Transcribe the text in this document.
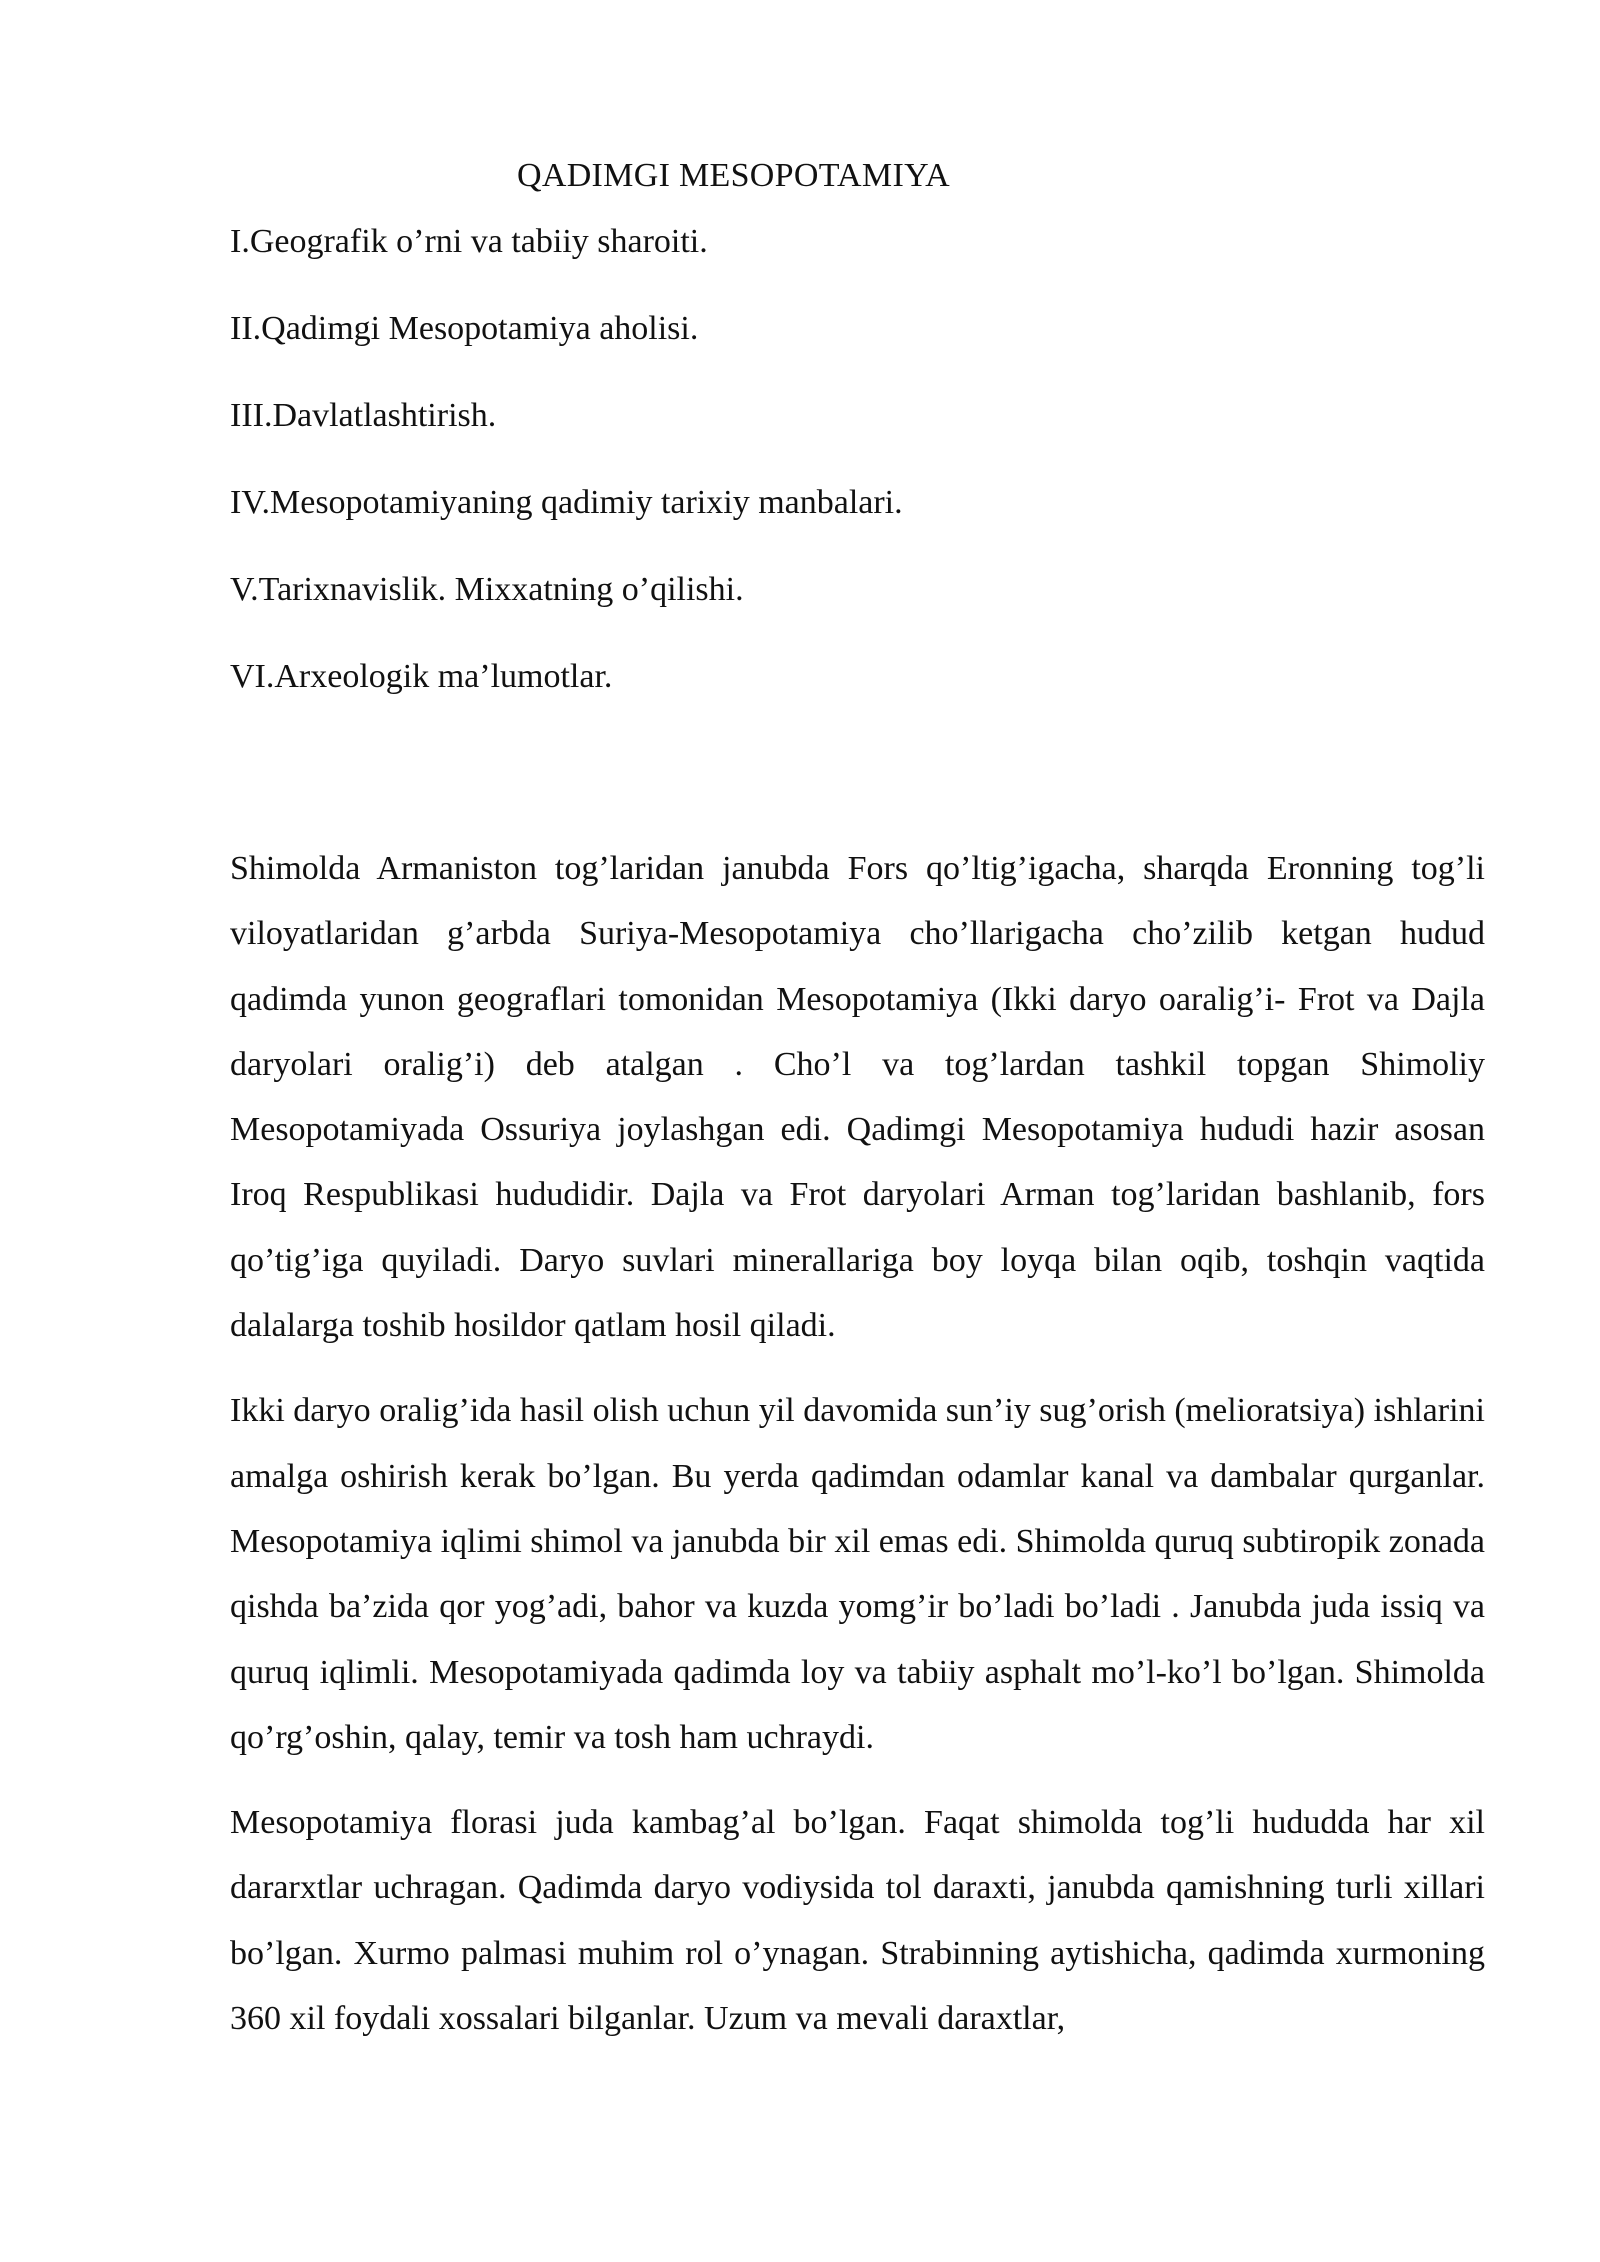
QADIMGI MESOPOTAMIYA
I.Geografik o’rni va tabiiy sharoiti.
II.Qadimgi Mesopotamiya aholisi.
III.Davlatlashtirish.
IV.Mesopotamiyaning qadimiy tarixiy manbalari.
V.Tarixnavislik. Mixxatning o’qilishi.
VI.Arxeologik ma’lumotlar.

Shimolda Armaniston tog’laridan janubda Fors qo’ltig’igacha, sharqda Eronning tog’li viloyatlaridan g’arbda Suriya-Mesopotamiya cho’llarigacha cho’zilib ketgan hudud qadimda yunon geograflari tomonidan Mesopotamiya (Ikki daryo oaralig’i- Frot va Dajla daryolari oralig’i) deb atalgan . Cho’l va tog’lardan tashkil topgan Shimoliy Mesopotamiyada Ossuriya joylashgan edi. Qadimgi Mesopotamiya hududi hazir asosan Iroq Respublikasi hududidir. Dajla va Frot daryolari Arman tog’laridan bashlanib, fors qo’tig’iga quyiladi. Daryo suvlari minerallariga boy loyqa bilan oqib, toshqin vaqtida dalalarga toshib hosildor qatlam hosil qiladi.

Ikki daryo oralig’ida hasil olish uchun yil davomida sun’iy sug’orish (melioratsiya) ishlarini amalga oshirish kerak bo’lgan. Bu yerda qadimdan odamlar kanal va dambalar qurganlar. Mesopotamiya iqlimi shimol va janubda bir xil emas edi. Shimolda quruq subtiropik zonada qishda ba’zida qor yog’adi, bahor va kuzda yomg’ir bo’ladi bo’ladi . Janubda juda issiq va quruq iqlimli. Mesopotamiyada qadimda loy va tabiiy asphalt mo’l-ko’l bo’lgan. Shimolda qo’rg’oshin, qalay, temir va tosh ham uchraydi.

Mesopotamiya florasi juda kambag’al bo’lgan. Faqat shimolda tog’li hududda har xil dararxtlar uchragan. Qadimda daryo vodiysida tol daraxti, janubda qamishning turli xillari bo’lgan. Xurmo palmasi muhim rol o’ynagan. Strabinning aytishicha, qadimda xurmoning 360 xil foydali xossalari bilganlar. Uzum va mevali daraxtlar,
